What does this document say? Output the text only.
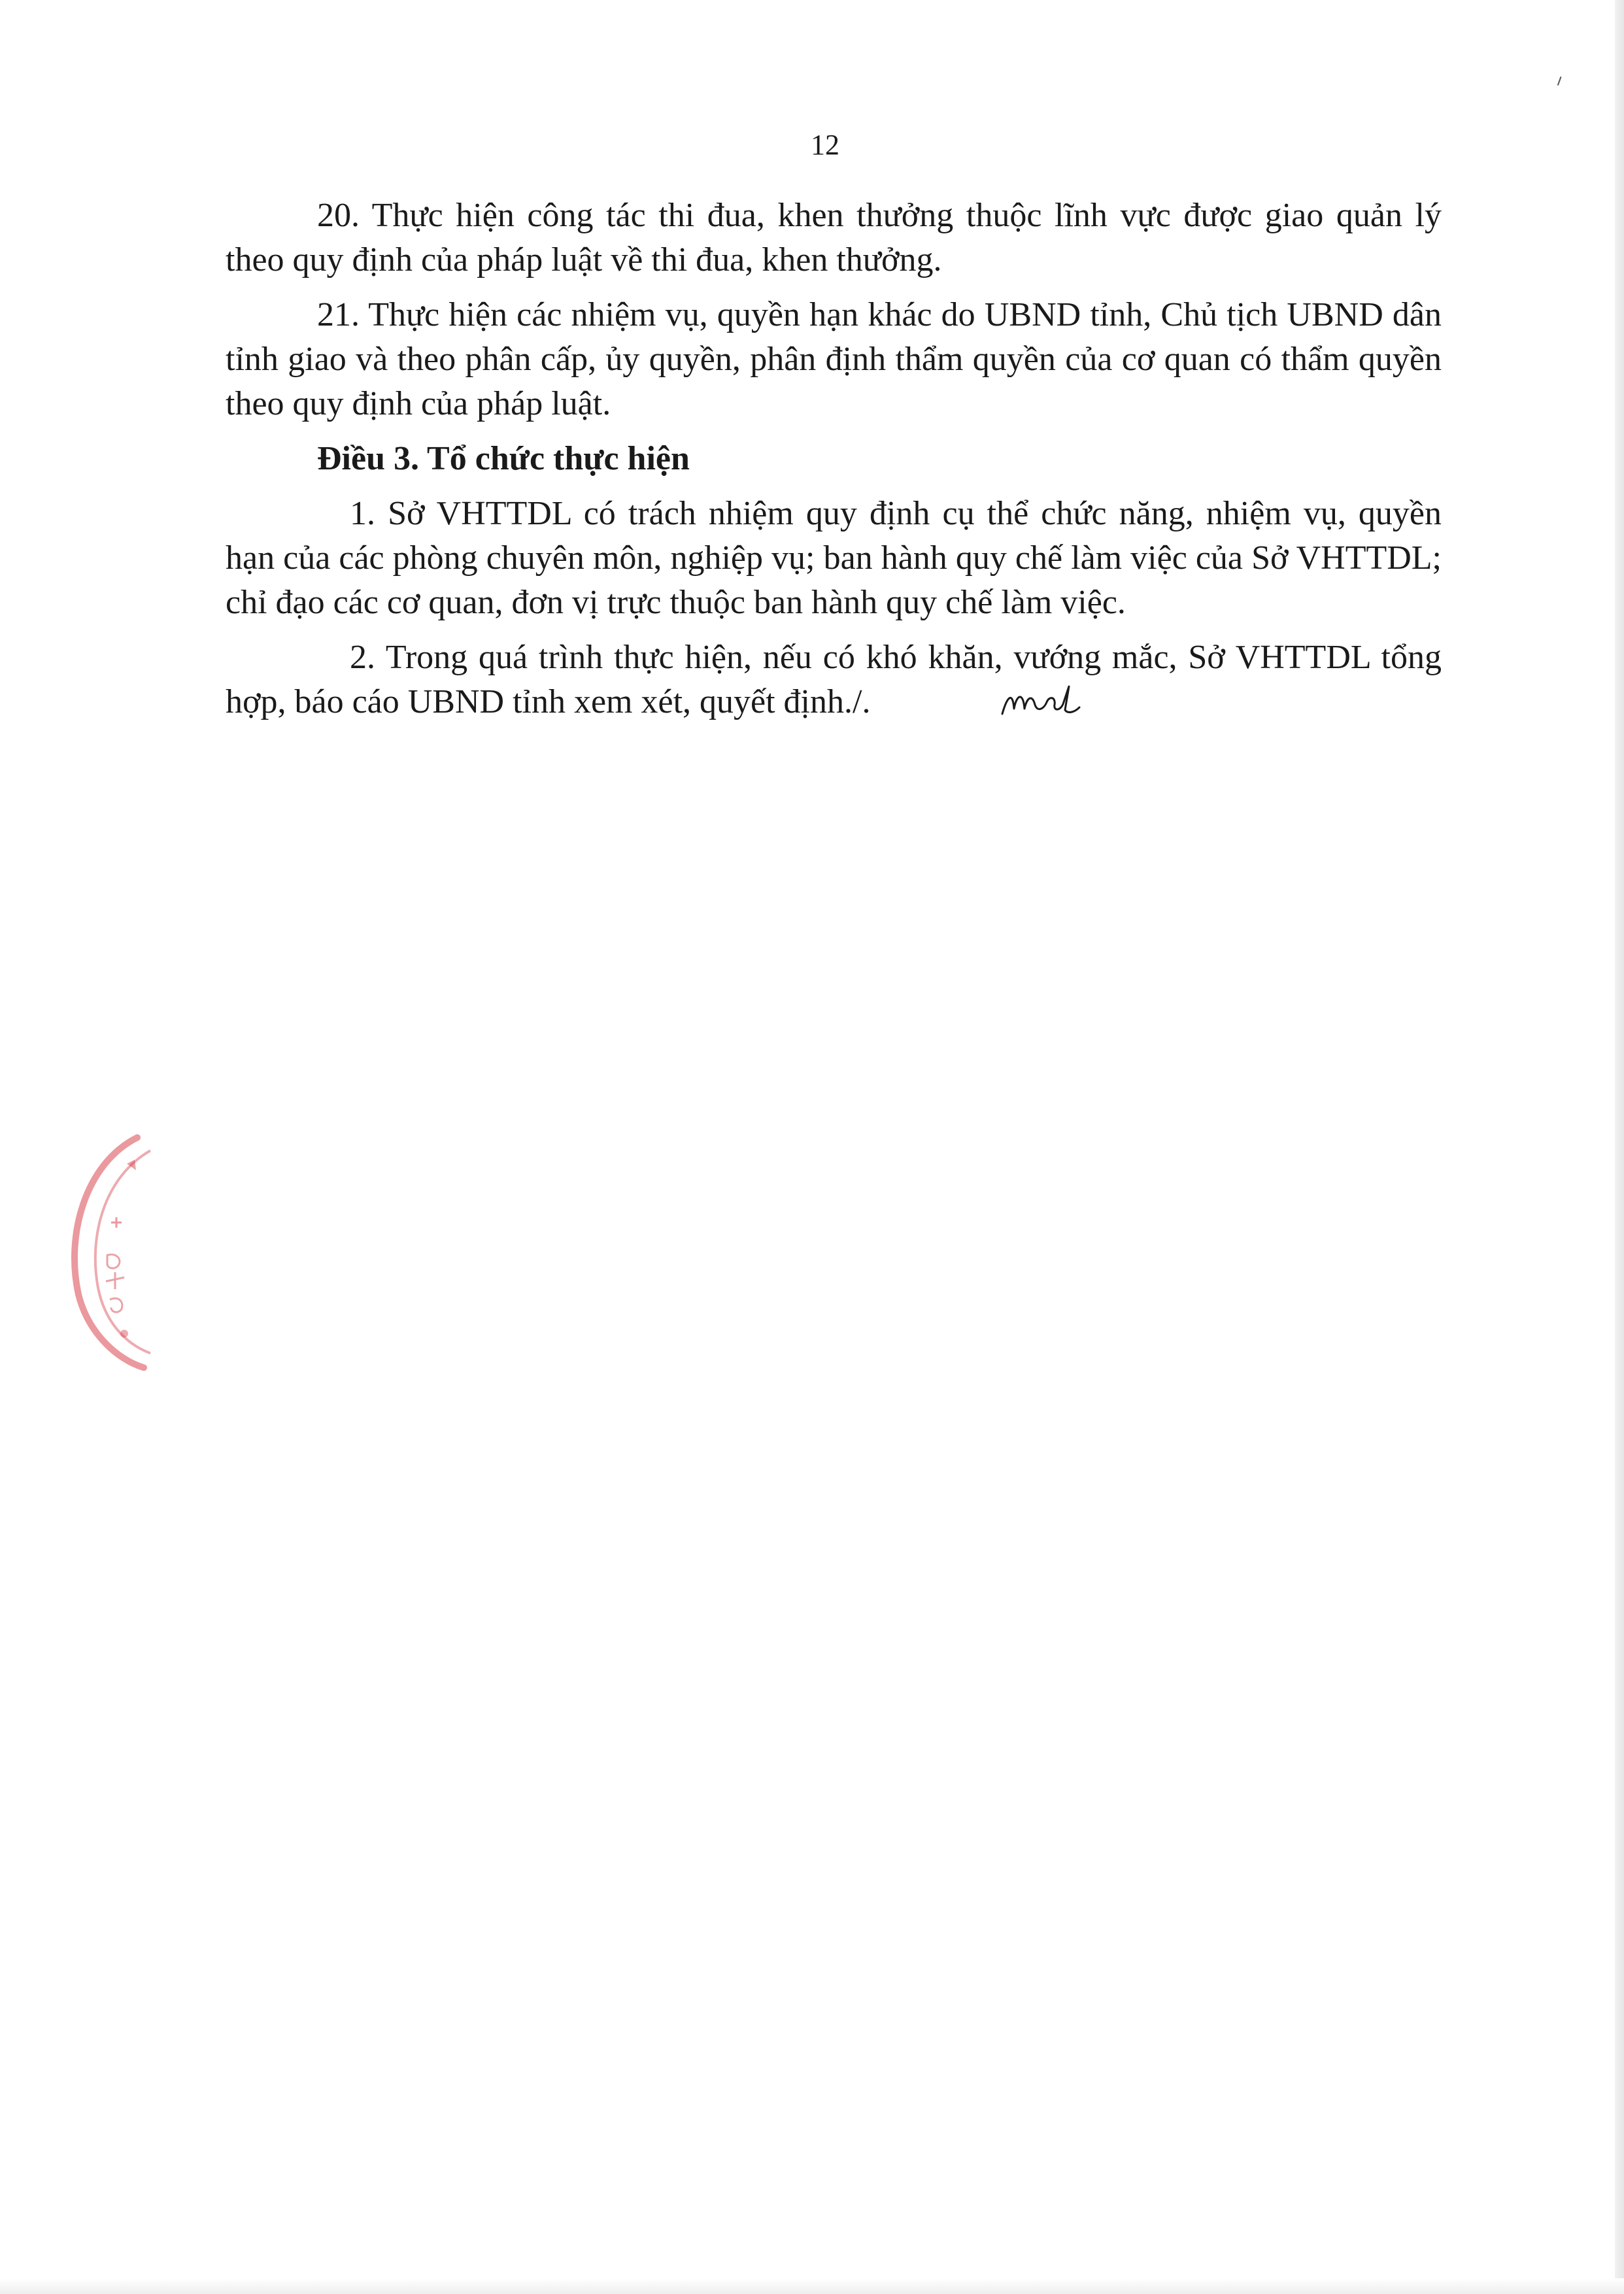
12

20. Thực hiện công tác thi đua, khen thưởng thuộc lĩnh vực được giao quản lý theo quy định của pháp luật về thi đua, khen thưởng.

21. Thực hiện các nhiệm vụ, quyền hạn khác do UBND tỉnh, Chủ tịch UBND dân tỉnh giao và theo phân cấp, ủy quyền, phân định thẩm quyền của cơ quan có thẩm quyền theo quy định của pháp luật.

Điều 3. Tổ chức thực hiện

1. Sở VHTTDL có trách nhiệm quy định cụ thể chức năng, nhiệm vụ, quyền hạn của các phòng chuyên môn, nghiệp vụ; ban hành quy chế làm việc của Sở VHTTDL; chỉ đạo các cơ quan, đơn vị trực thuộc ban hành quy chế làm việc.

2. Trong quá trình thực hiện, nếu có khó khăn, vướng mắc, Sở VHTTDL tổng hợp, báo cáo UBND tỉnh xem xét, quyết định./.
